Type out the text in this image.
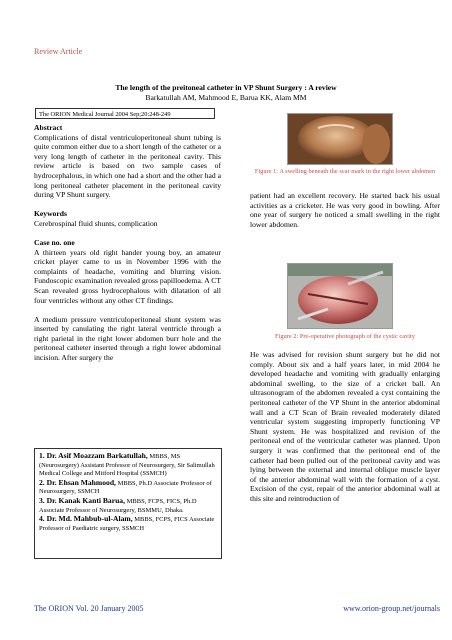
Review Article
The length of the preitoneal catheter in VP Shunt Surgery : A review
Barkatullah AM, Mahmood E, Barua KK, Alam MM
The ORION Medical Journal 2004 Sep;20:248-249
Abstract

Complications of distal ventriculoperitoneal shunt tubing is quite common either due to a short length of the catheter or a very long length of catheter in the peritoneal cavity. This review article is based on two sample cases of hydrocephalous, in which one had a short and the other had a long peritoneal catheter placement in the peritoneal cavity during VP Shunt surgery.

Keywords

Cerebrospinal fluid shunts, complication

Case no. one

A thirteen years old right hander young boy, an amateur cricket player came to us in November 1996 with the complaints of headache, vomiting and blurring vision. Fundoscopic examination revealed gross papilloedema. A CT Scan revealed gross hydrocephalous with dilatation of all four ventricles without any other CT findings.

A medium pressure ventriculoperitoneal shunt system was inserted by canulating the right lateral ventricle through a right parietal in the right lower abdomen burr hole and the peritoneal catheter inserted through a right lower abdominal incision. After surgery the

1. Dr. Asif Moazzam Barkatullah, MBBS, MS (Neurosurgery) Assistant Professor of Neurosurgery, Sir Salimullah Medical College and Mitford Hospital (SSMCH)
2. Dr. Ehsan Mahmood, MBBS, Ph.D Associate Professor of Neurosurgery, SSMCH
3. Dr. Kanak Kanti Barua, MBBS, FCPS, FICS, Ph.D Associate Professor of Neurosurgery, BSMMU, Dhaka.
4. Dr. Md. Mahbub-ul-Alam, MBBS, FCPS, FICS Associate Professor of Paediatric surgery, SSMCH
Figure 1: A swelling beneath the scar mark in the right lower abdomen

patient had an excellent recovery. He started back his usual activities as a cricketer. He was very good in bowling. After one year of surgery he noticed a small swelling in the right lower abdomen.

Figure 2: Pre-operative photograph of the cystic cavity

He was advised for revision shunt surgery but he did not comply. About six and a half years later, in mid 2004 he developed headache and vomiting with gradually enlarging abdominal swelling, to the size of a cricket ball. An ultrasonogram of the abdomen revealed a cyst containing the peritoneal catheter of the VP Shunt in the anterior abdominal wall and a CT Scan of Brain revealed moderately dilated ventricular system suggesting improperly functioning VP Shunt system. He was hospitalized and revision of the peritoneal end of the ventricular catheter was planned. Upon surgery it was confirmed that the peritoneal end of the catheter had been pulled out of the peritoneal cavity and was lying between the external and internal oblique muscle layer of the anterior abdominal wall with the formation of a cyst. Excision of the cyst, repair of the anterior abdominal wall at this site and reintroduction of

The ORION Vol. 20 January 2005	www.orion-group.net/journals
